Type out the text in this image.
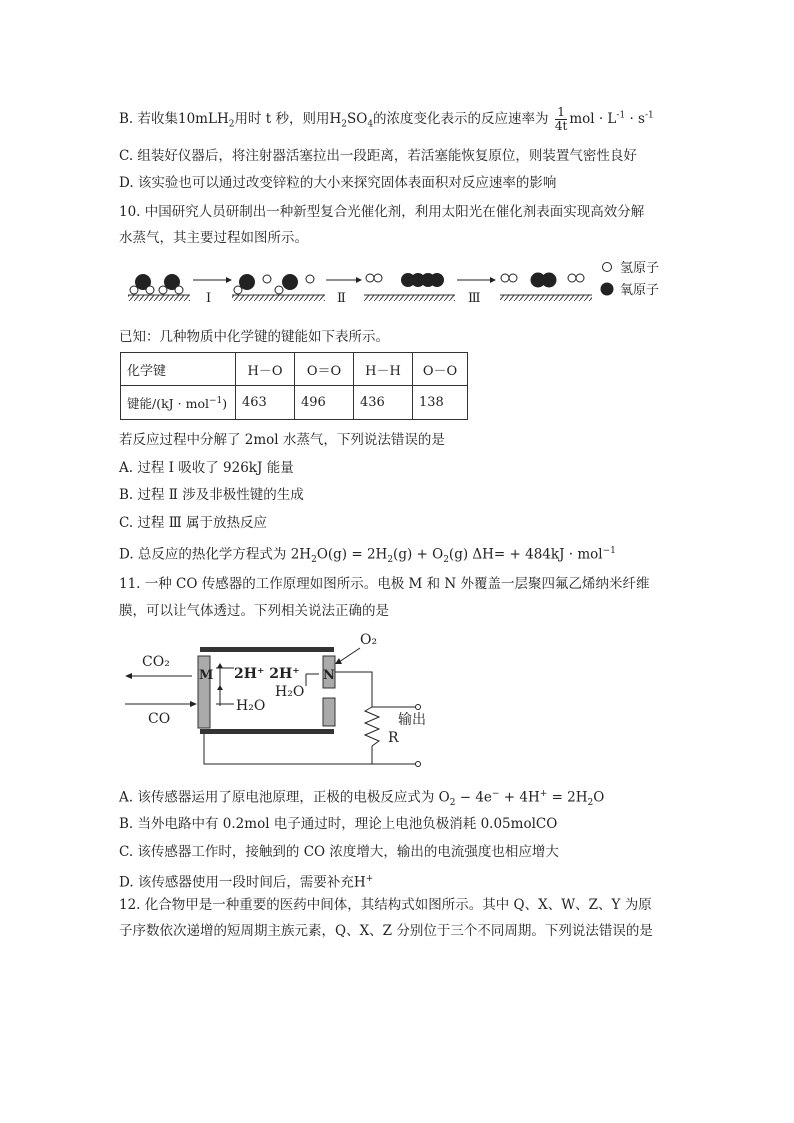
B. 若收集10mLH$_2$用时 t 秒，则用$H_2SO_4$的浓度变化表示的反应速率为 $\frac{1}{4t}$ mol · $L^{-1} \cdot s^{-1}$
C. 组装好仪器后，将注射器活塞拉出一段距离，若活塞能恢复原位，则装置气密性良好
D. 该实验也可以通过改变锌粒的大小来探究固体表面积对反应速率的影响
10. 中国研究人员研制出一种新型复合光催化剂，利用太阳光在催化剂表面实现高效分解
水蒸气，其主要过程如图所示。
Ⅰ	Ⅱ	Ⅲ
氢原子
氧原子
已知：几种物质中化学键的键能如下表所示。
化学键	H－O	O＝O	H－H	O－O
键能/(kJ · mol$^{-1}$)	463	496	436	138
若反应过程中分解了 2mol 水蒸气，下列说法错误的是
A. 过程 Ⅰ 吸收了 926kJ 能量
B. 过程 Ⅱ 涉及非极性键的生成
C. 过程 Ⅲ 属于放热反应
D. 总反应的热化学方程式为 $2H_2O(g) = 2H_2(g) + O_2(g) \Delta H= + 484kJ \cdot mol^{-1}$
11. 一种 CO 传感器的工作原理如图所示。电极 M 和 N 外覆盖一层聚四氟乙烯纳米纤维
膜，可以让气体透过。下列相关说法正确的是
M	N
CO₂
CO
2H⁺ 2H⁺
H₂O
H₂O
O₂
R
输出
A. 该传感器运用了原电池原理，正极的电极反应式为 $O_2 - 4e^- + 4H^+ = 2H_2O$
B. 当外电路中有 0.2mol 电子通过时，理论上电池负极消耗 0.05molCO
C. 该传感器工作时，接触到的 CO 浓度增大，输出的电流强度也相应增大
D. 该传感器使用一段时间后，需要补充H+
12. 化合物甲是一种重要的医药中间体，其结构式如图所示。其中 Q、X、W、Z、Y 为原
子序数依次递增的短周期主族元素，Q、X、Z 分别位于三个不同周期。下列说法错误的是
